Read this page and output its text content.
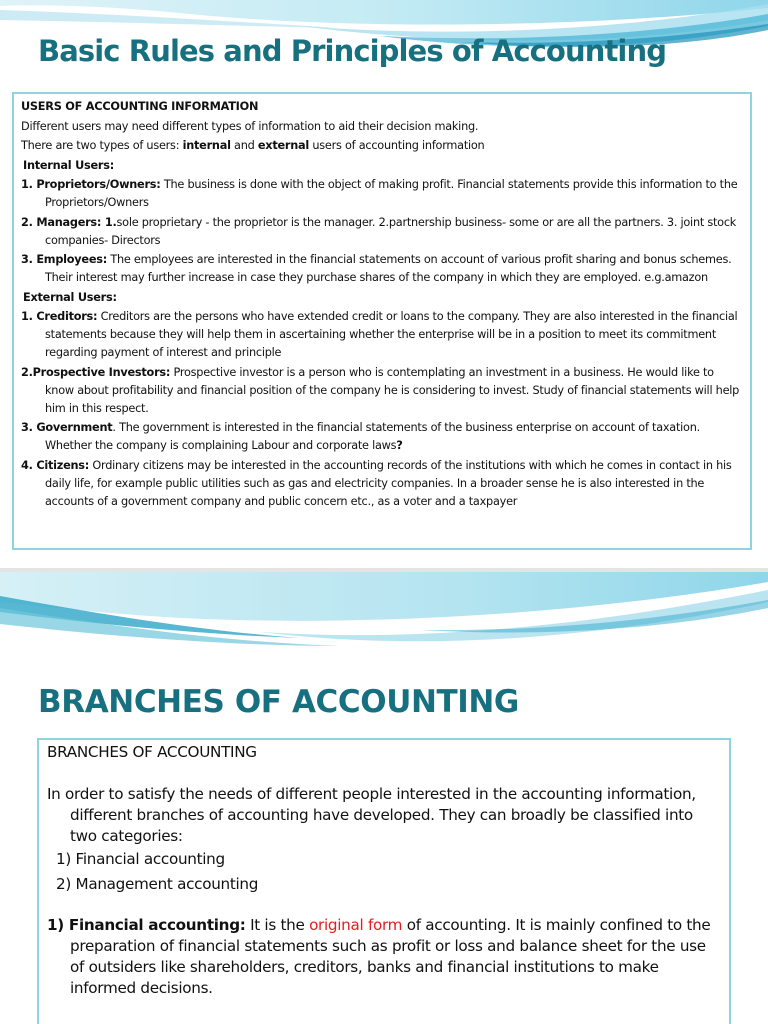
Basic Rules and Principles of Accounting

USERS OF ACCOUNTING INFORMATION

Different users may need different types of information to aid their decision making.

There are two types of users: internal and external users of accounting information

Internal Users:

1. Proprietors/Owners: The business is done with the object of making profit. Financial statements provide this information to the Proprietors/Owners

2. Managers: 1.sole proprietary - the proprietor is the manager. 2.partnership business- some or are all the partners. 3. joint stock companies- Directors

3. Employees: The employees are interested in the financial statements on account of various profit sharing and bonus schemes. Their interest may further increase in case they purchase shares of the company in which they are employed. e.g.amazon

External Users:

1. Creditors: Creditors are the persons who have extended credit or loans to the company. They are also interested in the financial statements because they will help them in ascertaining whether the enterprise will be in a position to meet its commitment regarding payment of interest and principle

2.Prospective Investors: Prospective investor is a person who is contemplating an investment in a business. He would like to know about profitability and financial position of the company he is considering to invest. Study of financial statements will help him in this respect.

3. Government. The government is interested in the financial statements of the business enterprise on account of taxation. Whether the company is complaining Labour and corporate laws?

4. Citizens: Ordinary citizens may be interested in the accounting records of the institutions with which he comes in contact in his daily life, for example public utilities such as gas and electricity companies. In a broader sense he is also interested in the accounts of a government company and public concern etc., as a voter and a taxpayer

BRANCHES OF ACCOUNTING

BRANCHES OF ACCOUNTING

In order to satisfy the needs of different people interested in the accounting information, different branches of accounting have developed. They can broadly be classified into two categories:

1) Financial accounting

2) Management accounting

1) Financial accounting: It is the original form of accounting. It is mainly confined to the preparation of financial statements such as profit or loss and balance sheet for the use of outsiders like shareholders, creditors, banks and financial institutions to make informed decisions.
